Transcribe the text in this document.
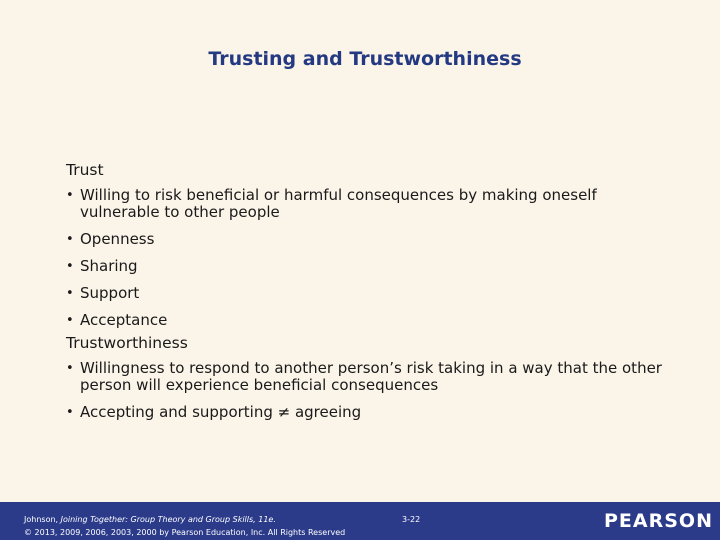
Trusting and Trustworthiness
Trust
• Willing to risk beneficial or harmful consequences by making oneself vulnerable to other people
• Openness
• Sharing
• Support
• Acceptance
Trustworthiness
• Willingness to respond to another person’s risk taking in a way that the other person will experience beneficial consequences
• Accepting and supporting ≠ agreeing
Johnson, Joining Together: Group Theory and Group Skills, 11e.
© 2013, 2009, 2006, 2003, 2000 by Pearson Education, Inc. All Rights Reserved
3-22	PEARSON
